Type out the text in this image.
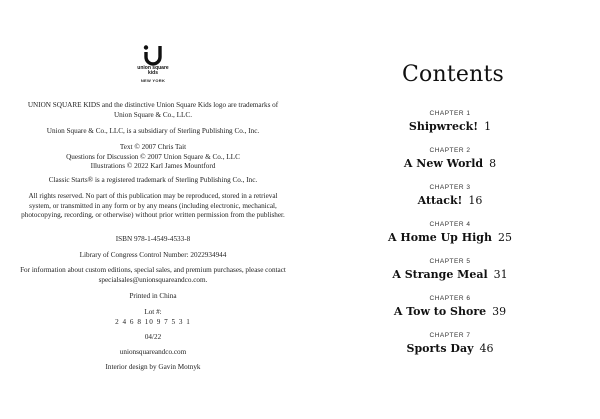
union square kids
NEW YORK

UNION SQUARE KIDS and the distinctive Union Square Kids logo are trademarks of Union Square & Co., LLC.

Union Square & Co., LLC, is a subsidiary of Sterling Publishing Co., Inc.

Text © 2007 Chris Tait

Questions for Discussion © 2007 Union Square & Co., LLC

Illustrations © 2022 Karl James Mountford

Classic Starts® is a registered trademark of Sterling Publishing Co., Inc.

All rights reserved. No part of this publication may be reproduced, stored in a retrieval system, or transmitted in any form or by any means (including electronic, mechanical, photocopying, recording, or otherwise) without prior written permission from the publisher.

ISBN 978-1-4549-4533-8

Library of Congress Control Number: 2022934944

For information about custom editions, special sales, and premium purchases, please contact specialsales@unionsquareandco.com.

Printed in China

Lot #:

2 4 6 8 10 9 7 5 3 1

04/22

unionsquareandco.com

Interior design by Gavin Motnyk

Contents
CHAPTER 1
Shipwreck! 1
CHAPTER 2
A New World 8
CHAPTER 3
Attack! 16
CHAPTER 4
A Home Up High 25
CHAPTER 5
A Strange Meal 31
CHAPTER 6
A Tow to Shore 39
CHAPTER 7
Sports Day 46
